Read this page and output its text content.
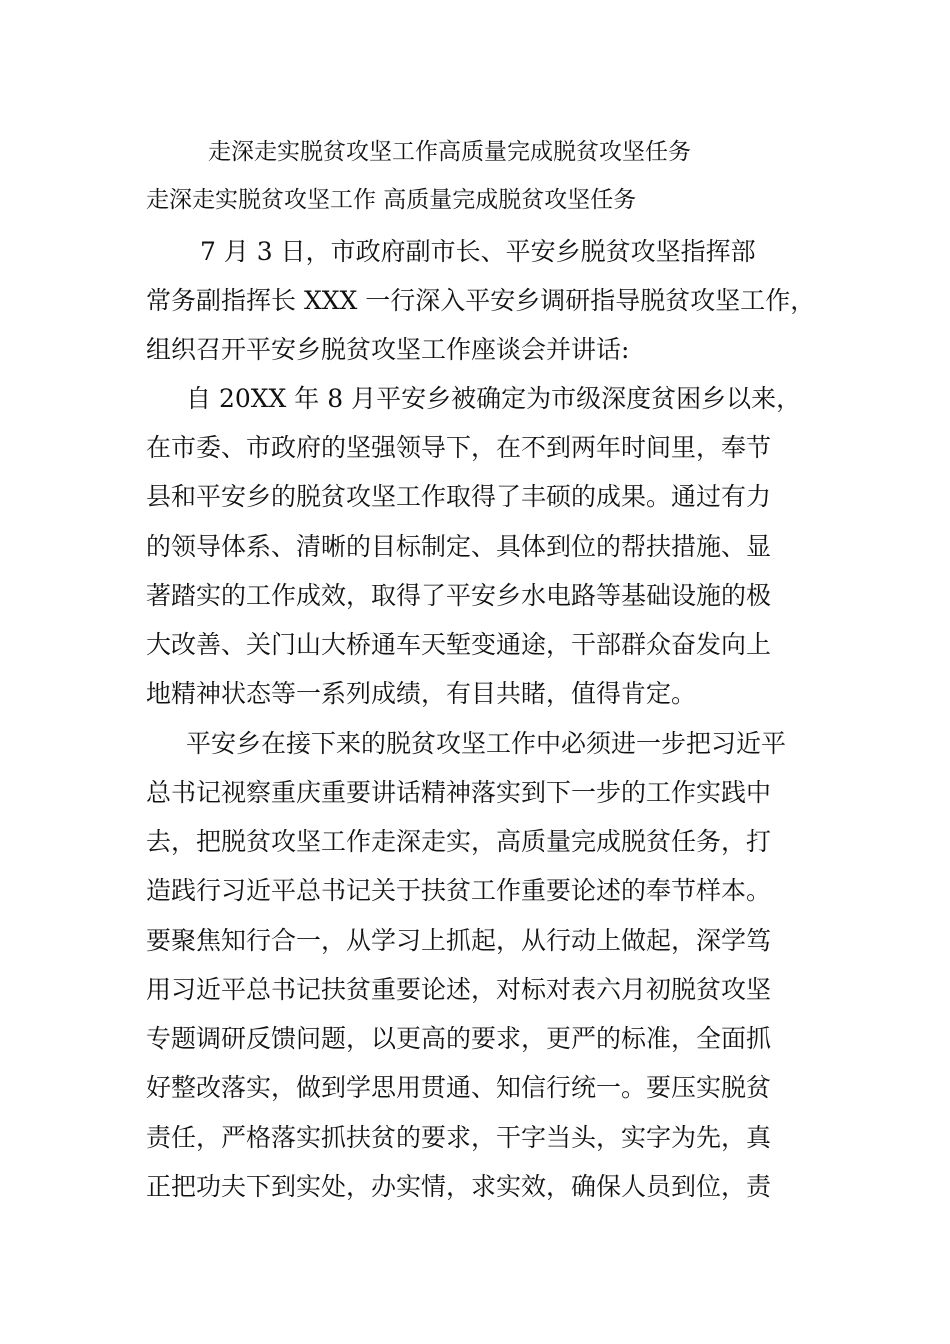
走深走实脱贫攻坚工作高质量完成脱贫攻坚任务
走深走实脱贫攻坚工作 高质量完成脱贫攻坚任务
7 月 3 日，市政府副市长、平安乡脱贫攻坚指挥部
常务副指挥长 XXX 一行深入平安乡调研指导脱贫攻坚工作，
组织召开平安乡脱贫攻坚工作座谈会并讲话:
自 20XX 年 8 月平安乡被确定为市级深度贫困乡以来，
在市委、市政府的坚强领导下，在不到两年时间里，奉节
县和平安乡的脱贫攻坚工作取得了丰硕的成果。通过有力
的领导体系、清晰的目标制定、具体到位的帮扶措施、显
著踏实的工作成效，取得了平安乡水电路等基础设施的极
大改善、关门山大桥通车天堑变通途，干部群众奋发向上
地精神状态等一系列成绩，有目共睹，值得肯定。
平安乡在接下来的脱贫攻坚工作中必须进一步把习近平
总书记视察重庆重要讲话精神落实到下一步的工作实践中
去，把脱贫攻坚工作走深走实，高质量完成脱贫任务，打
造践行习近平总书记关于扶贫工作重要论述的奉节样本。
要聚焦知行合一，从学习上抓起，从行动上做起，深学笃
用习近平总书记扶贫重要论述，对标对表六月初脱贫攻坚
专题调研反馈问题，以更高的要求，更严的标准，全面抓
好整改落实，做到学思用贯通、知信行统一。要压实脱贫
责任，严格落实抓扶贫的要求，干字当头，实字为先，真
正把功夫下到实处，办实情，求实效，确保人员到位，责
